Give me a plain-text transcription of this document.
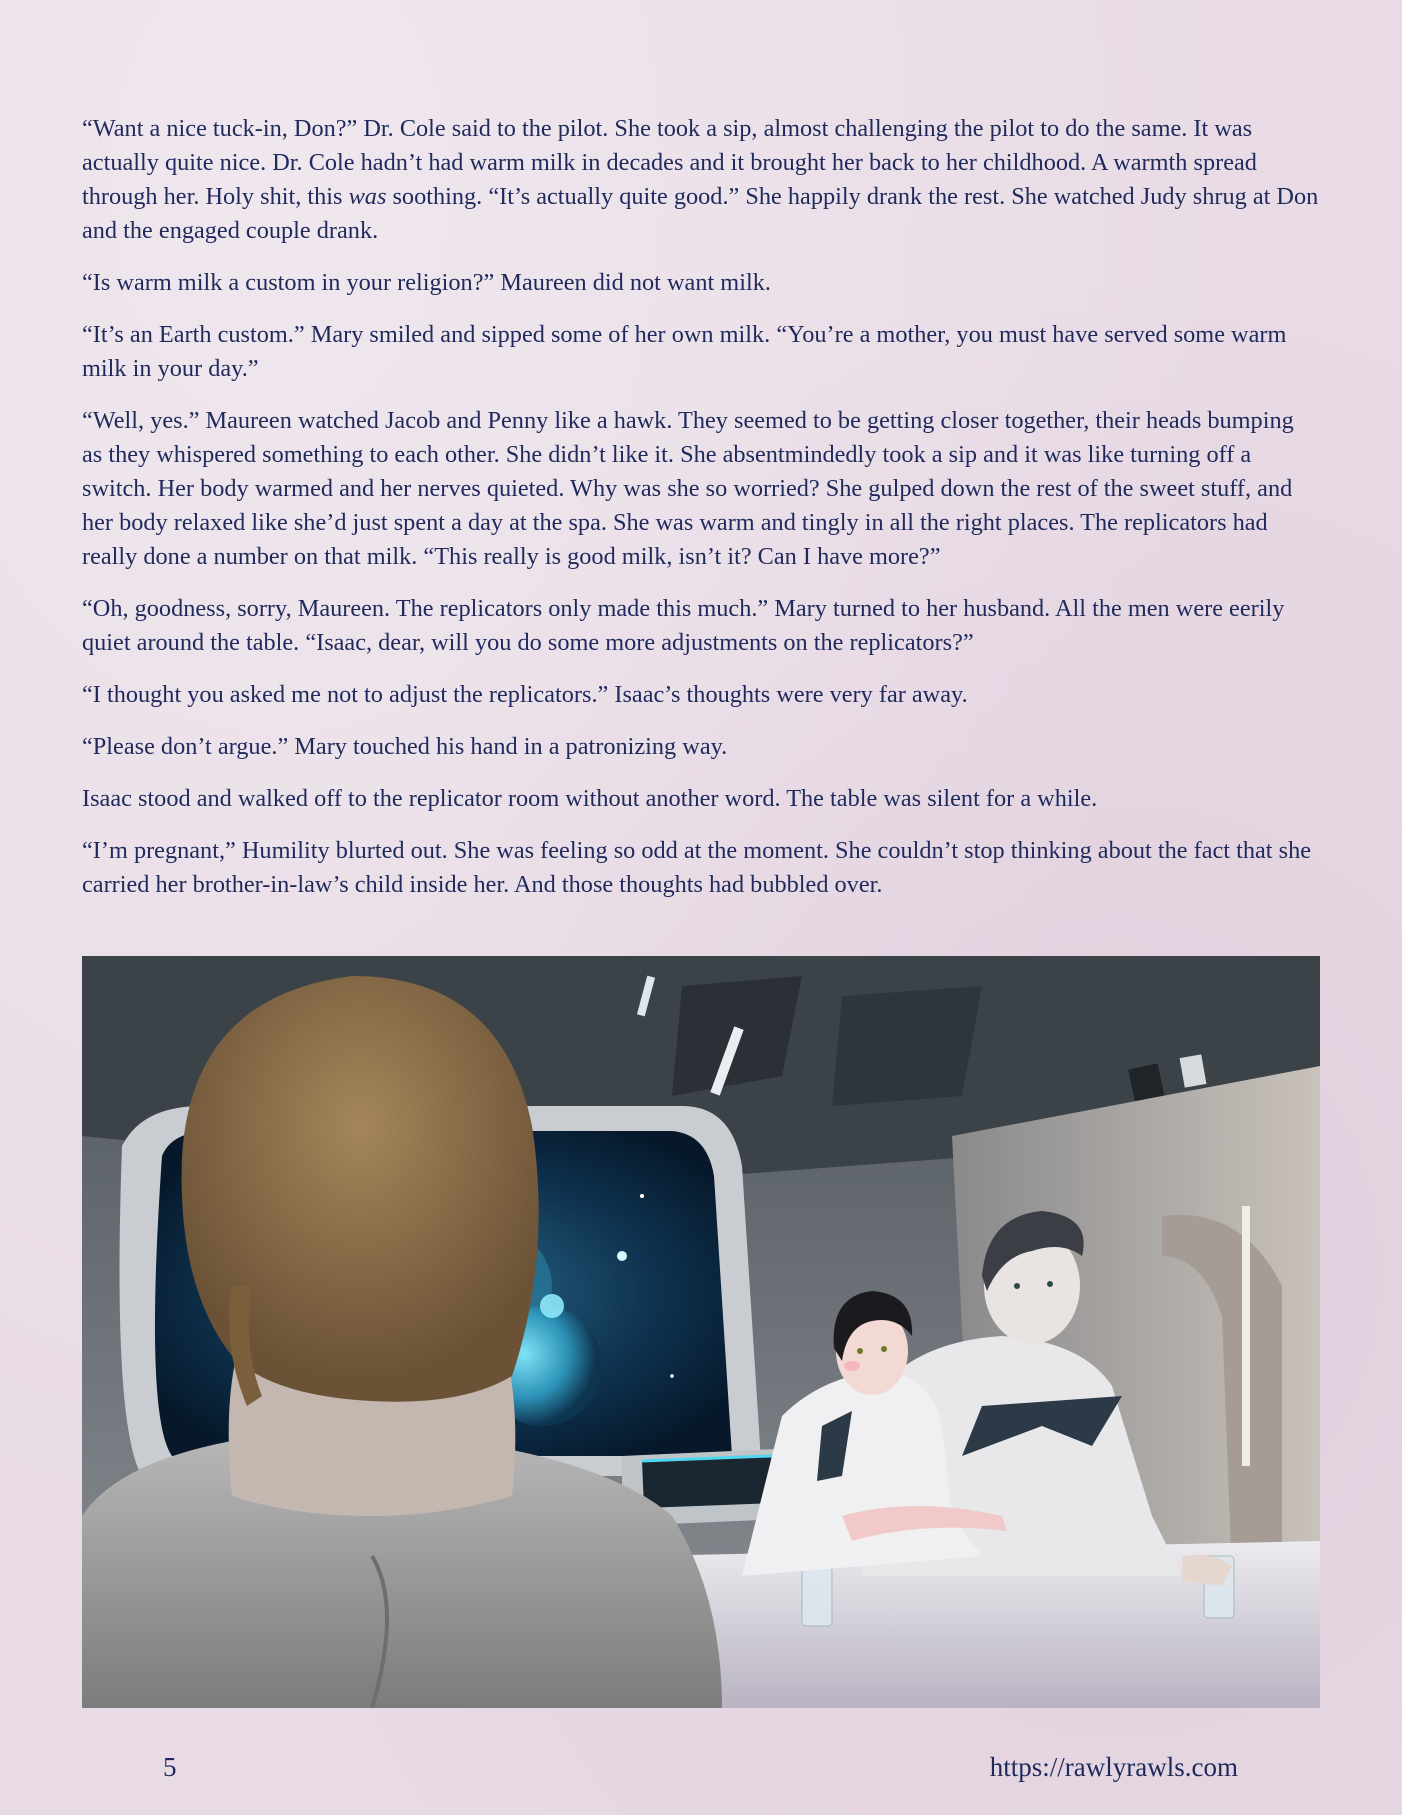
“Want a nice tuck-in, Don?” Dr. Cole said to the pilot. She took a sip, almost challenging the pilot to do the same. It was actually quite nice. Dr. Cole hadn’t had warm milk in decades and it brought her back to her childhood. A warmth spread through her. Holy shit, this was soothing. “It’s actually quite good.” She happily drank the rest. She watched Judy shrug at Don and the engaged couple drank.

“Is warm milk a custom in your religion?” Maureen did not want milk.

“It’s an Earth custom.” Mary smiled and sipped some of her own milk. “You’re a mother, you must have served some warm milk in your day.”

“Well, yes.” Maureen watched Jacob and Penny like a hawk. They seemed to be getting closer together, their heads bumping as they whispered something to each other. She didn’t like it. She absentmindedly took a sip and it was like turning off a switch. Her body warmed and her nerves quieted. Why was she so worried? She gulped down the rest of the sweet stuff, and her body relaxed like she’d just spent a day at the spa. She was warm and tingly in all the right places. The replicators had really done a number on that milk. “This really is good milk, isn’t it? Can I have more?”

“Oh, goodness, sorry, Maureen. The replicators only made this much.” Mary turned to her husband. All the men were eerily quiet around the table. “Isaac, dear, will you do some more adjustments on the replicators?”

“I thought you asked me not to adjust the replicators.” Isaac’s thoughts were very far away.

“Please don’t argue.” Mary touched his hand in a patronizing way.

Isaac stood and walked off to the replicator room without another word. The table was silent for a while.

“I’m pregnant,” Humility blurted out. She was feeling so odd at the moment. She couldn’t stop thinking about the fact that she carried her brother-in-law’s child inside her. And those thoughts had bubbled over.

5	https://rawlyrawls.com
